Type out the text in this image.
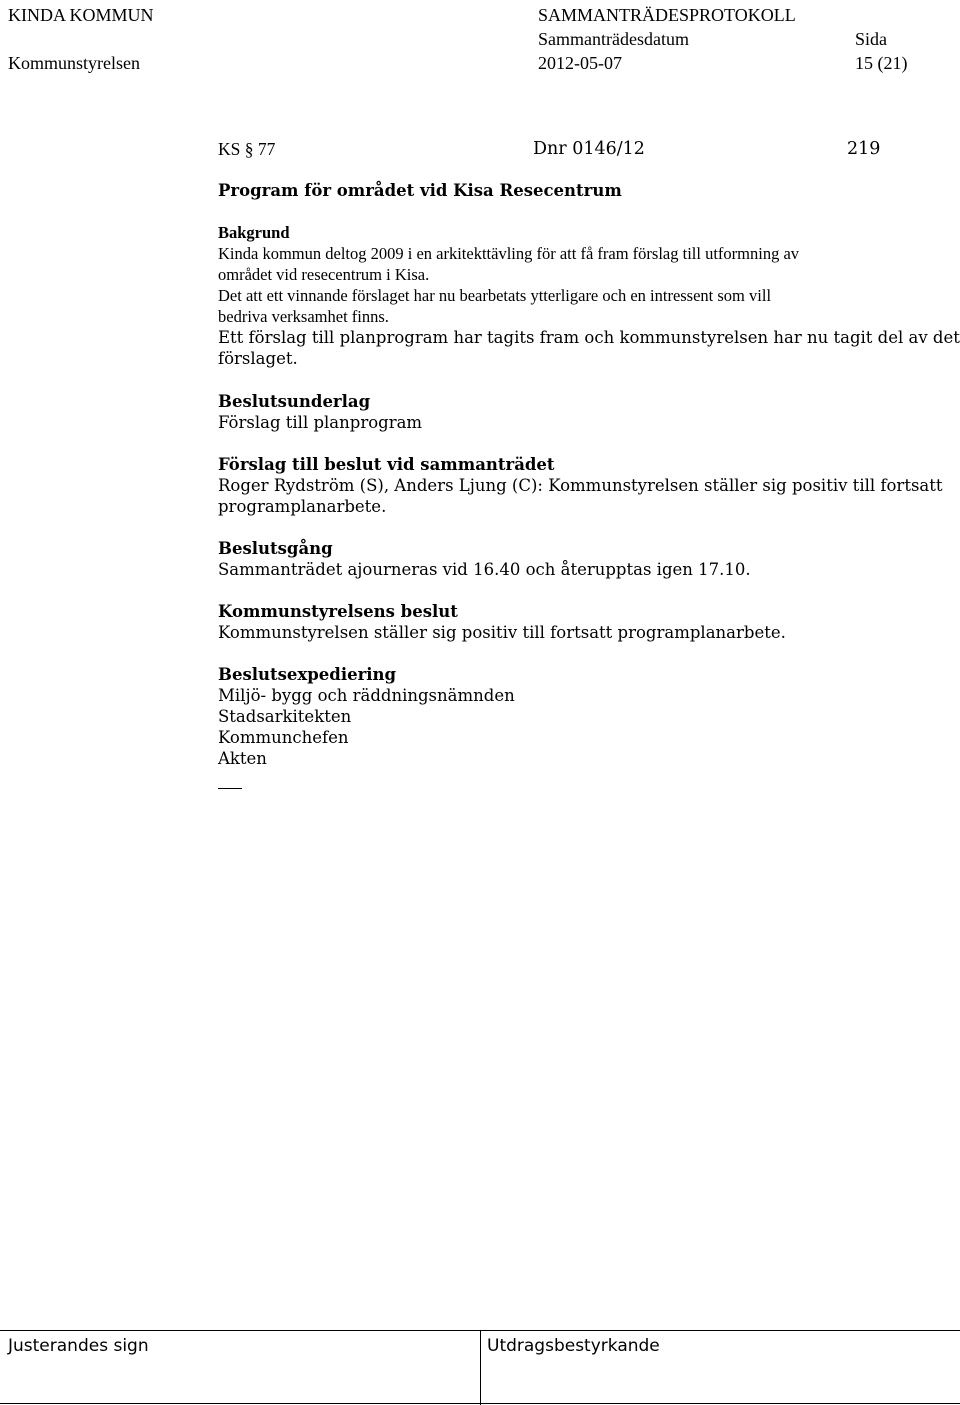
KINDA KOMMUN
Kommunstyrelsen
SAMMANTRÄDESPROTOKOLL
Sammanträdesdatum
2012-05-07
Sida
15 (21)
KS § 77	Dnr 0146/12	219
Program för området vid Kisa Resecentrum
Bakgrund
Kinda kommun deltog 2009 i en arkitekttävling för att få fram förslag till utformning av
området vid resecentrum i Kisa.
Det att ett vinnande förslaget har nu bearbetats ytterligare och en intressent som vill
bedriva verksamhet finns.
Ett förslag till planprogram har tagits fram och kommunstyrelsen har nu tagit del av det
förslaget.
Beslutsunderlag
Förslag till planprogram
Förslag till beslut vid sammanträdet
Roger Rydström (S), Anders Ljung (C): Kommunstyrelsen ställer sig positiv till fortsatt
programplanarbete.
Beslutsgång
Sammanträdet ajourneras vid 16.40 och återupptas igen 17.10.
Kommunstyrelsens beslut
Kommunstyrelsen ställer sig positiv till fortsatt programplanarbete.
Beslutsexpediering
Miljö- bygg och räddningsnämnden
Stadsarkitekten
Kommunchefen
Akten
Justerandes sign	Utdragsbestyrkande
